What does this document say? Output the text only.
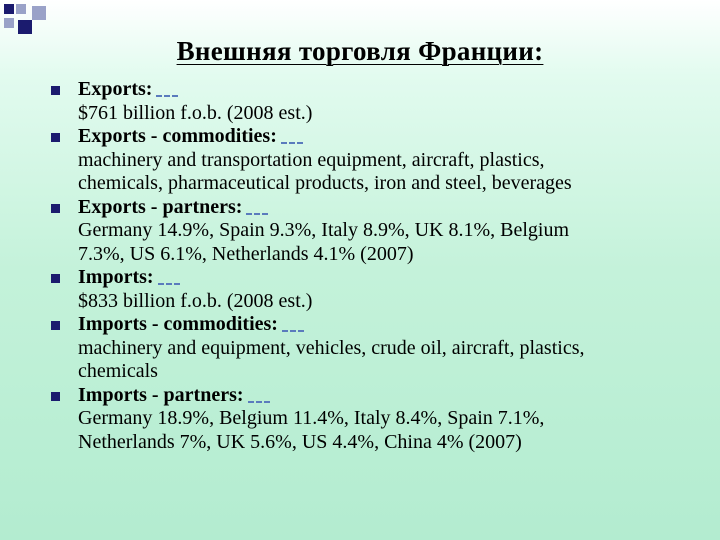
Внешняя торговля Франции:
Exports:
$761 billion f.o.b. (2008 est.)
Exports - commodities:
machinery and transportation equipment, aircraft, plastics,
chemicals, pharmaceutical products, iron and steel, beverages
Exports - partners:
Germany 14.9%, Spain 9.3%, Italy 8.9%, UK 8.1%, Belgium
7.3%, US 6.1%, Netherlands 4.1% (2007)
Imports:
$833 billion f.o.b. (2008 est.)
Imports - commodities:
machinery and equipment, vehicles, crude oil, aircraft, plastics,
chemicals
Imports - partners:
Germany 18.9%, Belgium 11.4%, Italy 8.4%, Spain 7.1%,
Netherlands 7%, UK 5.6%, US 4.4%, China 4% (2007)
